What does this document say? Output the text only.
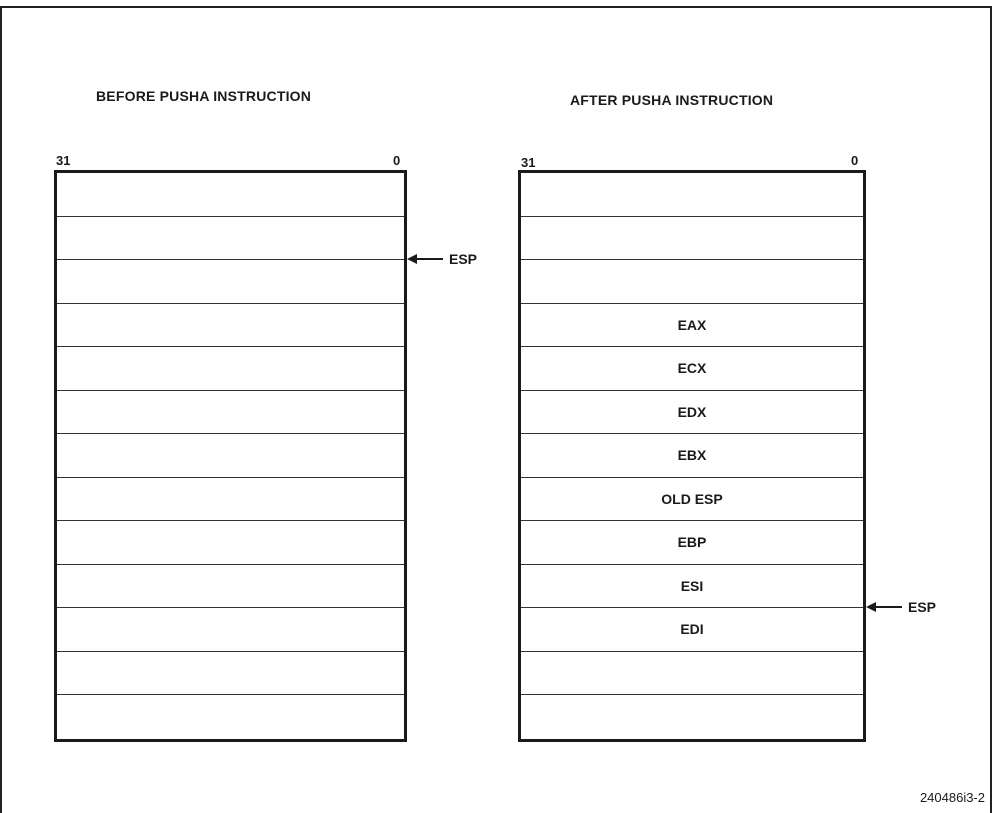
BEFORE PUSHA INSTRUCTION
31	0
ESP
AFTER PUSHA INSTRUCTION
31	0
EAX
ECX
EDX
EBX
OLD ESP
EBP
ESI
EDI
ESP
240486i3-2
